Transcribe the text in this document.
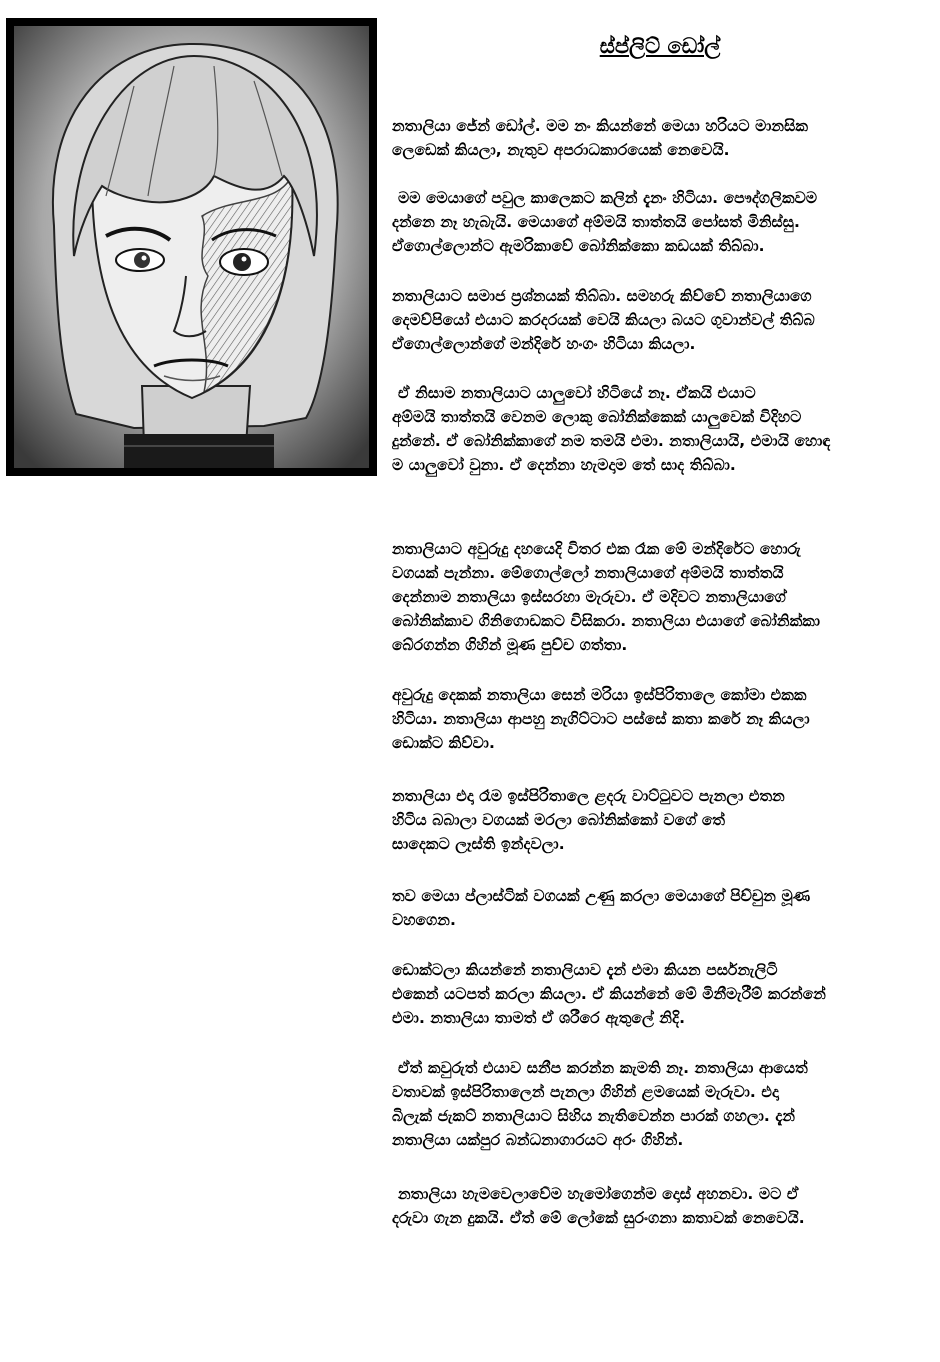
ස්ප්ලිට් ඩෝල්
නතාලියා ජේන් ඩෝල්. මම නං කියන්නේ මෙයා හරියට මානසික
ලෙඩෙක් කියලා, නැතුව අපරාධකාරයෙක් නෙවෙයි.
මම මෙයාගේ පවුල කාලෙකට කලින් දැනං හිටියා. පෞද්ගලිකවම
දන්නෙ නෑ හැබැයි. මෙයාගේ අම්මයි තාත්තයි පෝසත් මිනිස්සු.
ඒගොල්ලොන්ට ඇමරිකාවේ බෝනික්කො කඩයක් තිබ්බා.
නතාලියාට සමාජ ප්‍රශ්නයක් තිබ්බා. සමහරු කිව්වේ නතාලියාගෙ
දෙමව්පියෝ එයාට කරදරයක් වෙයි කියලා බයට ගුවාන්වල් තිබ්බ
ඒගොල්ලොන්ගේ මන්දිරේ හංගං හිටියා කියලා.
ඒ නිසාම නතාලියාට යාලුවෝ හිටියේ නෑ. ඒකයි එයාට
අම්මයි තාත්තයි වෙනම ලොකු බෝනික්කෙක් යාලුවෙක් විදිහට
දුන්නේ. ඒ බෝනික්කාගේ නම තමයි එමා. නතාලියායි, එමායි හොඳ
ම යාලුවෝ වුනා. ඒ දෙන්නා හැමදාම තේ සාද තිබ්බා.
නතාලියාට අවුරුදු දහයෙදි විතර එක රෑක මේ මන්දිරේට හොරු
වගයක් පැන්නා. මේගොල්ලෝ නතාලියාගේ අම්මයි තාත්තයි
දෙන්නාම නතාලියා ඉස්සරහා මැරුවා. ඒ මදිවට නතාලියාගේ
බෝනික්කාව ගිනිගොඩකට විසිකරා. නතාලියා එයාගේ බෝනික්කා
බේරගන්න ගිහින් මූණ පුච්ච ගත්තා.
අවුරුදු දෙකක් නතාලියා සෙන් මරියා ඉස්පිරිතාලෙ කෝමා එකක
හිටියා. නතාලියා ආපහු නැගිට්ටාට පස්සේ කතා කරේ නෑ කියලා
ඩොක්ට කිව්වා.
නතාලියා එදා රෑම ඉස්පිරිතාලෙ ළදරු වාට්ටුවට පැනලා එතන
හිටිය බබාලා වගයක් මරලා බෝනික්කෝ වගේ තේ
සාදෙකට ලෑස්ති ඉන්දවලා.
තව මෙයා ප්ලාස්ටික් වගයක් උණු කරලා මෙයාගේ පිච්චුන මූණ
වහගෙන.
ඩොක්ටලා කියන්නේ නතාලියාව දැන් එමා කියන පර්සනැලිටි
එකෙන් යටපත් කරලා කියලා. ඒ කියන්නේ මේ මිනීමැරීම් කරන්නේ
එමා. නතාලියා තාමත් ඒ ශරීරෙ ඇතුලේ නිදි.
ඒත් කවුරුත් එයාව සනීප කරන්න කැමති නෑ. නතාලියා ආයෙත්
වතාවක් ඉස්පිරිතාලෙන් පැනලා ගිහින් ළමයෙක් මැරුවා. එදා
බිලැක් ජැකට් නතාලියාට සිහිය නැතිවෙන්න පාරක් ගහලා. දැන්
නතාලියා යක්පුර බන්ධනාගාරයට අරං ගිහින්.
නතාලියා හැමවෙලාවේම හැමෝගෙන්ම දොස් අහනවා. මට ඒ
දරුවා ගැන දුකයි. ඒත් මේ ලෝකේ සුරංගනා කතාවක් නෙවෙයි.
